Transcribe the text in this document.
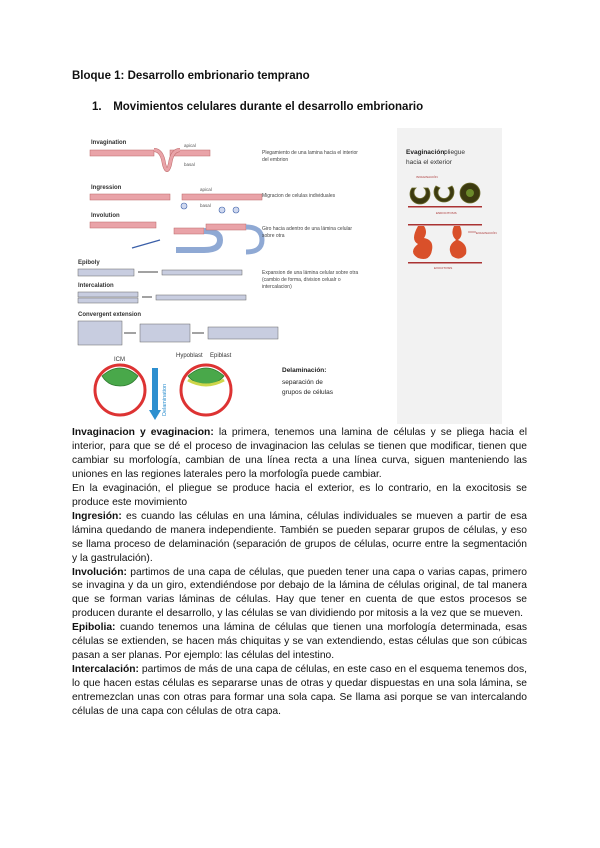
Bloque 1: Desarrollo embrionario temprano
1. Movimientos celulares durante el desarrollo embrionario
Invagination	apical
basal
Plegamiento de una lamina hacia el interior del embrion
Ingression	apical
basal
Migracion de celulas individuales
Involution
Giro hacia adentro de una lámina celular sobre otra
Epiboly
Expansion de una lámina celular sobre otra (cambio de forma, division celualr o intercalacion)
Intercalation
Convergent extension
ICM
Delamination
Hypoblast Epiblast
Delaminación:
separación de grupos de células
Evaginación:
pliegue
hacia el exterior
INVAGINACIÓN
ENDOCITOSIS
EVAGINACIÓN
EXOCITOSIS

Invaginacion y evaginacion: la primera, tenemos una lamina de células y se pliega hacia el interior, para que se dé el proceso de invaginacion las celulas se tienen que modificar, tienen que cambiar su morfología, cambian de una línea recta a una línea curva, siguen manteniendo las uniones en las regiones laterales pero la morfologîa puede cambiar.

En la evaginación, el pliegue se produce hacia el exterior, es lo contrario, en la exocitosis se produce este movimiento

Ingresión: es cuando las células en una lámina, células individuales se mueven a partir de esa lámina quedando de manera independiente. También se pueden separar grupos de células, y eso se llama proceso de delaminación (separación de grupos de células, ocurre entre la segmentación y la gastrulación).

Involución: partimos de una capa de células, que pueden tener una capa o varias capas, primero se invagina y da un giro, extendiéndose por debajo de la lámina de células original, de tal manera que se forman varias láminas de células. Hay que tener en cuenta de que estos procesos se producen durante el desarrollo, y las células se van dividiendo por mitosis a la vez que se mueven.

Epibolia: cuando tenemos una lámina de células que tienen una morfología determinada, esas células se extienden, se hacen más chiquitas y se van extendiendo, estas células que son cúbicas pasan a ser planas. Por ejemplo: las células del intestino.

Intercalación: partimos de más de una capa de células, en este caso en el esquema tenemos dos, lo que hacen estas células es separarse unas de otras y quedar dispuestas en una sola lámina, se entremezclan unas con otras para formar una sola capa. Se llama asi porque se van intercalando células de una capa con células de otra capa.
